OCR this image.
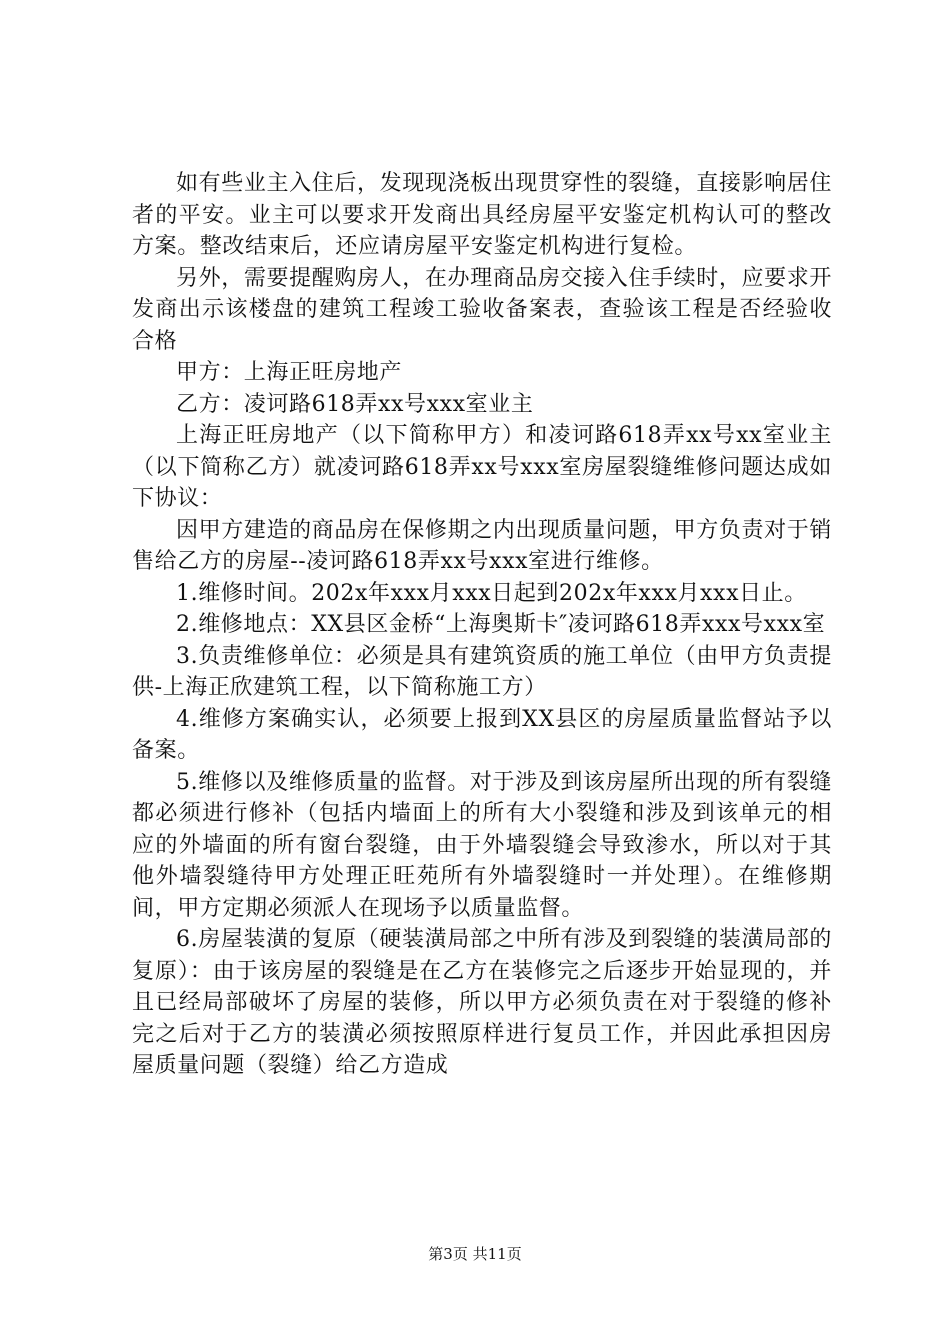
如有些业主入住后，发现现浇板出现贯穿性的裂缝，直接影响居住者的平安。业主可以要求开发商出具经房屋平安鉴定机构认可的整改方案。整改结束后，还应请房屋平安鉴定机构进行复检。

另外，需要提醒购房人，在办理商品房交接入住手续时，应要求开发商出示该楼盘的建筑工程竣工验收备案表，查验该工程是否经验收合格

甲方：上海正旺房地产

乙方：凌诃路618弄xx号xxx室业主

上海正旺房地产（以下简称甲方）和凌诃路618弄xx号xx室业主（以下简称乙方）就凌诃路618弄xx号xxx室房屋裂缝维修问题达成如下协议：

因甲方建造的商品房在保修期之内出现质量问题，甲方负责对于销售给乙方的房屋--凌诃路618弄xx号xxx室进行维修。

1.维修时间。202x年xxx月xxx日起到202x年xxx月xxx日止。

2.维修地点：XX县区金桥“上海奥斯卡″凌诃路618弄xxx号xxx室

3.负责维修单位：必须是具有建筑资质的施工单位（由甲方负责提供-上海正欣建筑工程，以下简称施工方）

4.维修方案确实认，必须要上报到XX县区的房屋质量监督站予以备案。

5.维修以及维修质量的监督。对于涉及到该房屋所出现的所有裂缝都必须进行修补（包括内墙面上的所有大小裂缝和涉及到该单元的相应的外墙面的所有窗台裂缝，由于外墙裂缝会导致渗水，所以对于其他外墙裂缝待甲方处理正旺苑所有外墙裂缝时一并处理）。在维修期间，甲方定期必须派人在现场予以质量监督。

6.房屋装潢的复原（硬装潢局部之中所有涉及到裂缝的装潢局部的复原）：由于该房屋的裂缝是在乙方在装修完之后逐步开始显现的，并且已经局部破坏了房屋的装修，所以甲方必须负责在对于裂缝的修补完之后对于乙方的装潢必须按照原样进行复员工作，并因此承担因房屋质量问题（裂缝）给乙方造成

第3页 共11页
